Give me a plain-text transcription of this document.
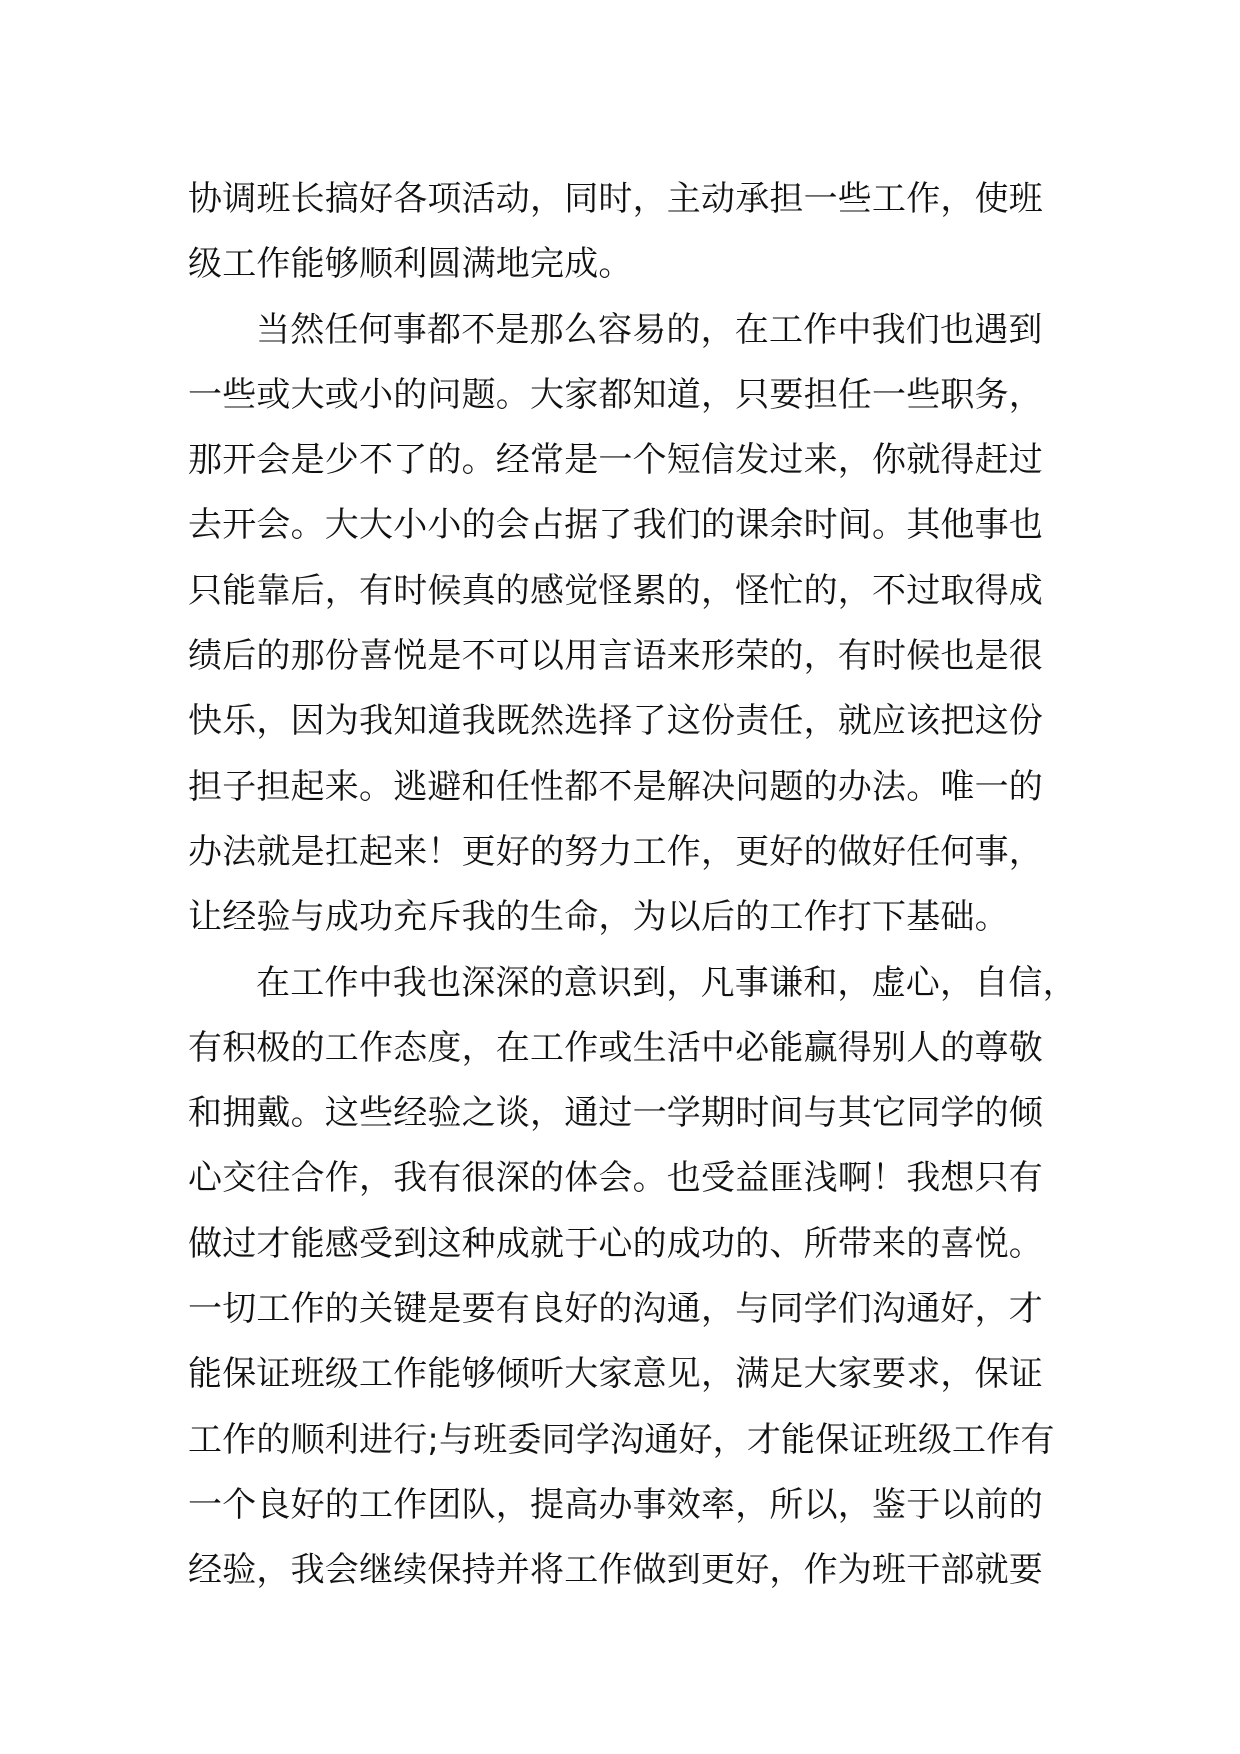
协调班长搞好各项活动，同时，主动承担一些工作，使班
级工作能够顺利圆满地完成。
当然任何事都不是那么容易的，在工作中我们也遇到
一些或大或小的问题。大家都知道，只要担任一些职务，
那开会是少不了的。经常是一个短信发过来，你就得赶过
去开会。大大小小的会占据了我们的课余时间。其他事也
只能靠后，有时候真的感觉怪累的，怪忙的，不过取得成
绩后的那份喜悦是不可以用言语来形荣的，有时候也是很
快乐，因为我知道我既然选择了这份责任，就应该把这份
担子担起来。逃避和任性都不是解决问题的办法。唯一的
办法就是扛起来！更好的努力工作，更好的做好任何事，
让经验与成功充斥我的生命，为以后的工作打下基础。
在工作中我也深深的意识到，凡事谦和，虚心，自信，
有积极的工作态度，在工作或生活中必能赢得别人的尊敬
和拥戴。这些经验之谈，通过一学期时间与其它同学的倾
心交往合作，我有很深的体会。也受益匪浅啊！我想只有
做过才能感受到这种成就于心的成功的、所带来的喜悦。
一切工作的关键是要有良好的沟通，与同学们沟通好，才
能保证班级工作能够倾听大家意见，满足大家要求，保证
工作的顺利进行;与班委同学沟通好，才能保证班级工作有
一个良好的工作团队，提高办事效率，所以，鉴于以前的
经验，我会继续保持并将工作做到更好，作为班干部就要
